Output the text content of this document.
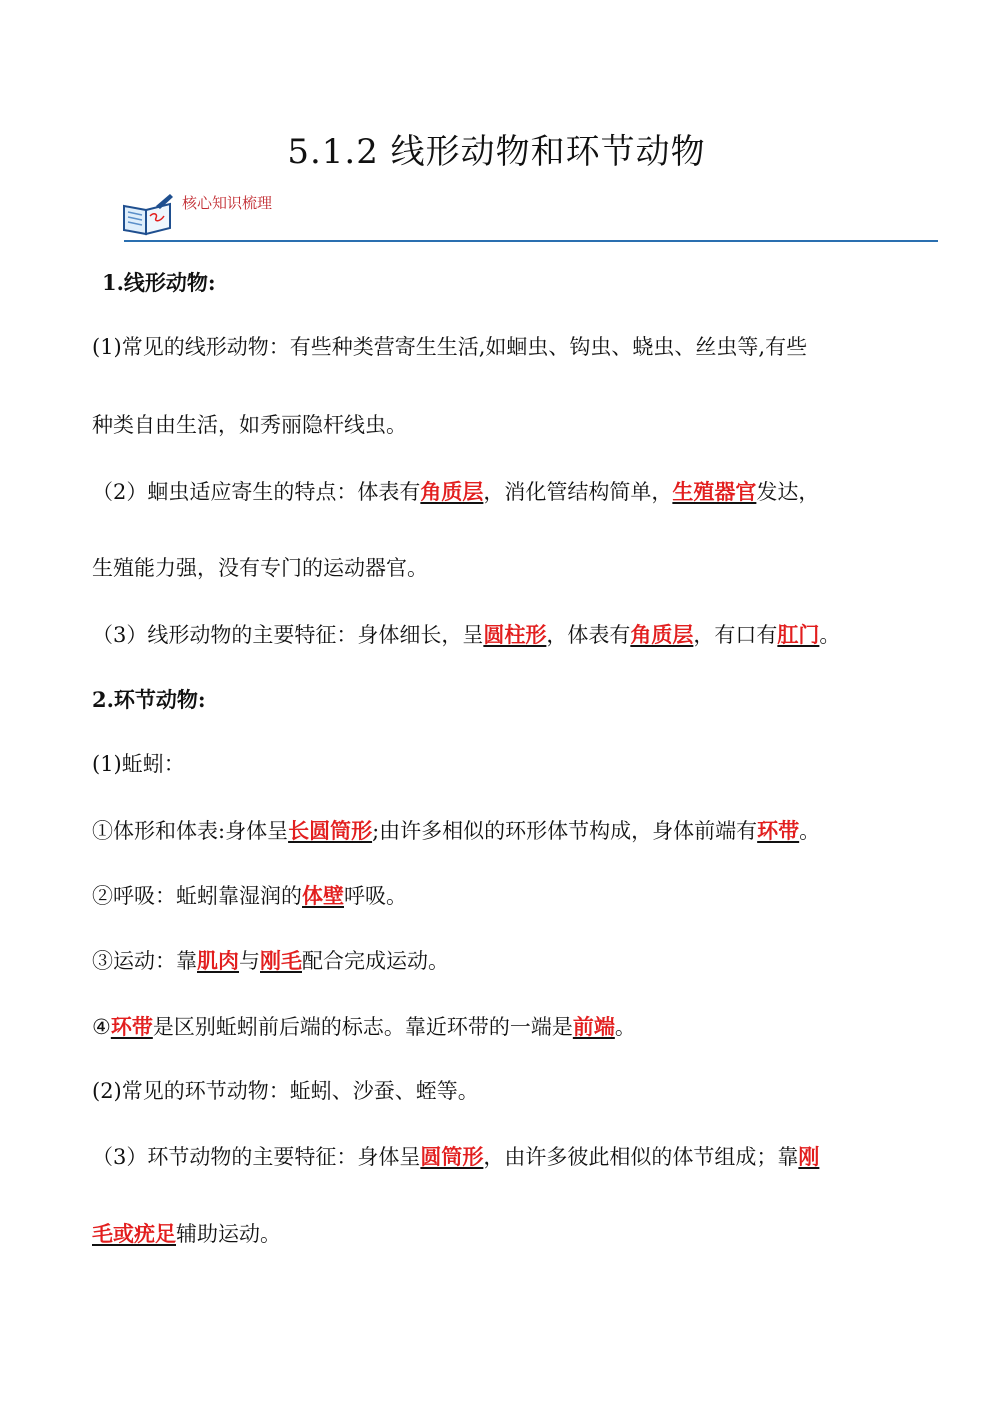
5.1.2 线形动物和环节动物
核心知识梳理
1.线形动物:
(1)常见的线形动物：有些种类营寄生生活,如蛔虫、钩虫、蛲虫、丝虫等,有些
种类自由生活，如秀丽隐杆线虫。
（2）蛔虫适应寄生的特点：体表有角质层，消化管结构简单，生殖器官发达，
生殖能力强，没有专门的运动器官。
（3）线形动物的主要特征：身体细长，呈圆柱形，体表有角质层，有口有肛门。
2.环节动物:
(1)蚯蚓：
①体形和体表:身体呈长圆筒形;由许多相似的环形体节构成，身体前端有环带。
②呼吸：蚯蚓靠湿润的体壁呼吸。
③运动：靠肌肉与刚毛配合完成运动。
④环带是区别蚯蚓前后端的标志。靠近环带的一端是前端。
(2)常见的环节动物：蚯蚓、沙蚕、蛭等。
（3）环节动物的主要特征：身体呈圆筒形，由许多彼此相似的体节组成；靠刚
毛或疣足辅助运动。
